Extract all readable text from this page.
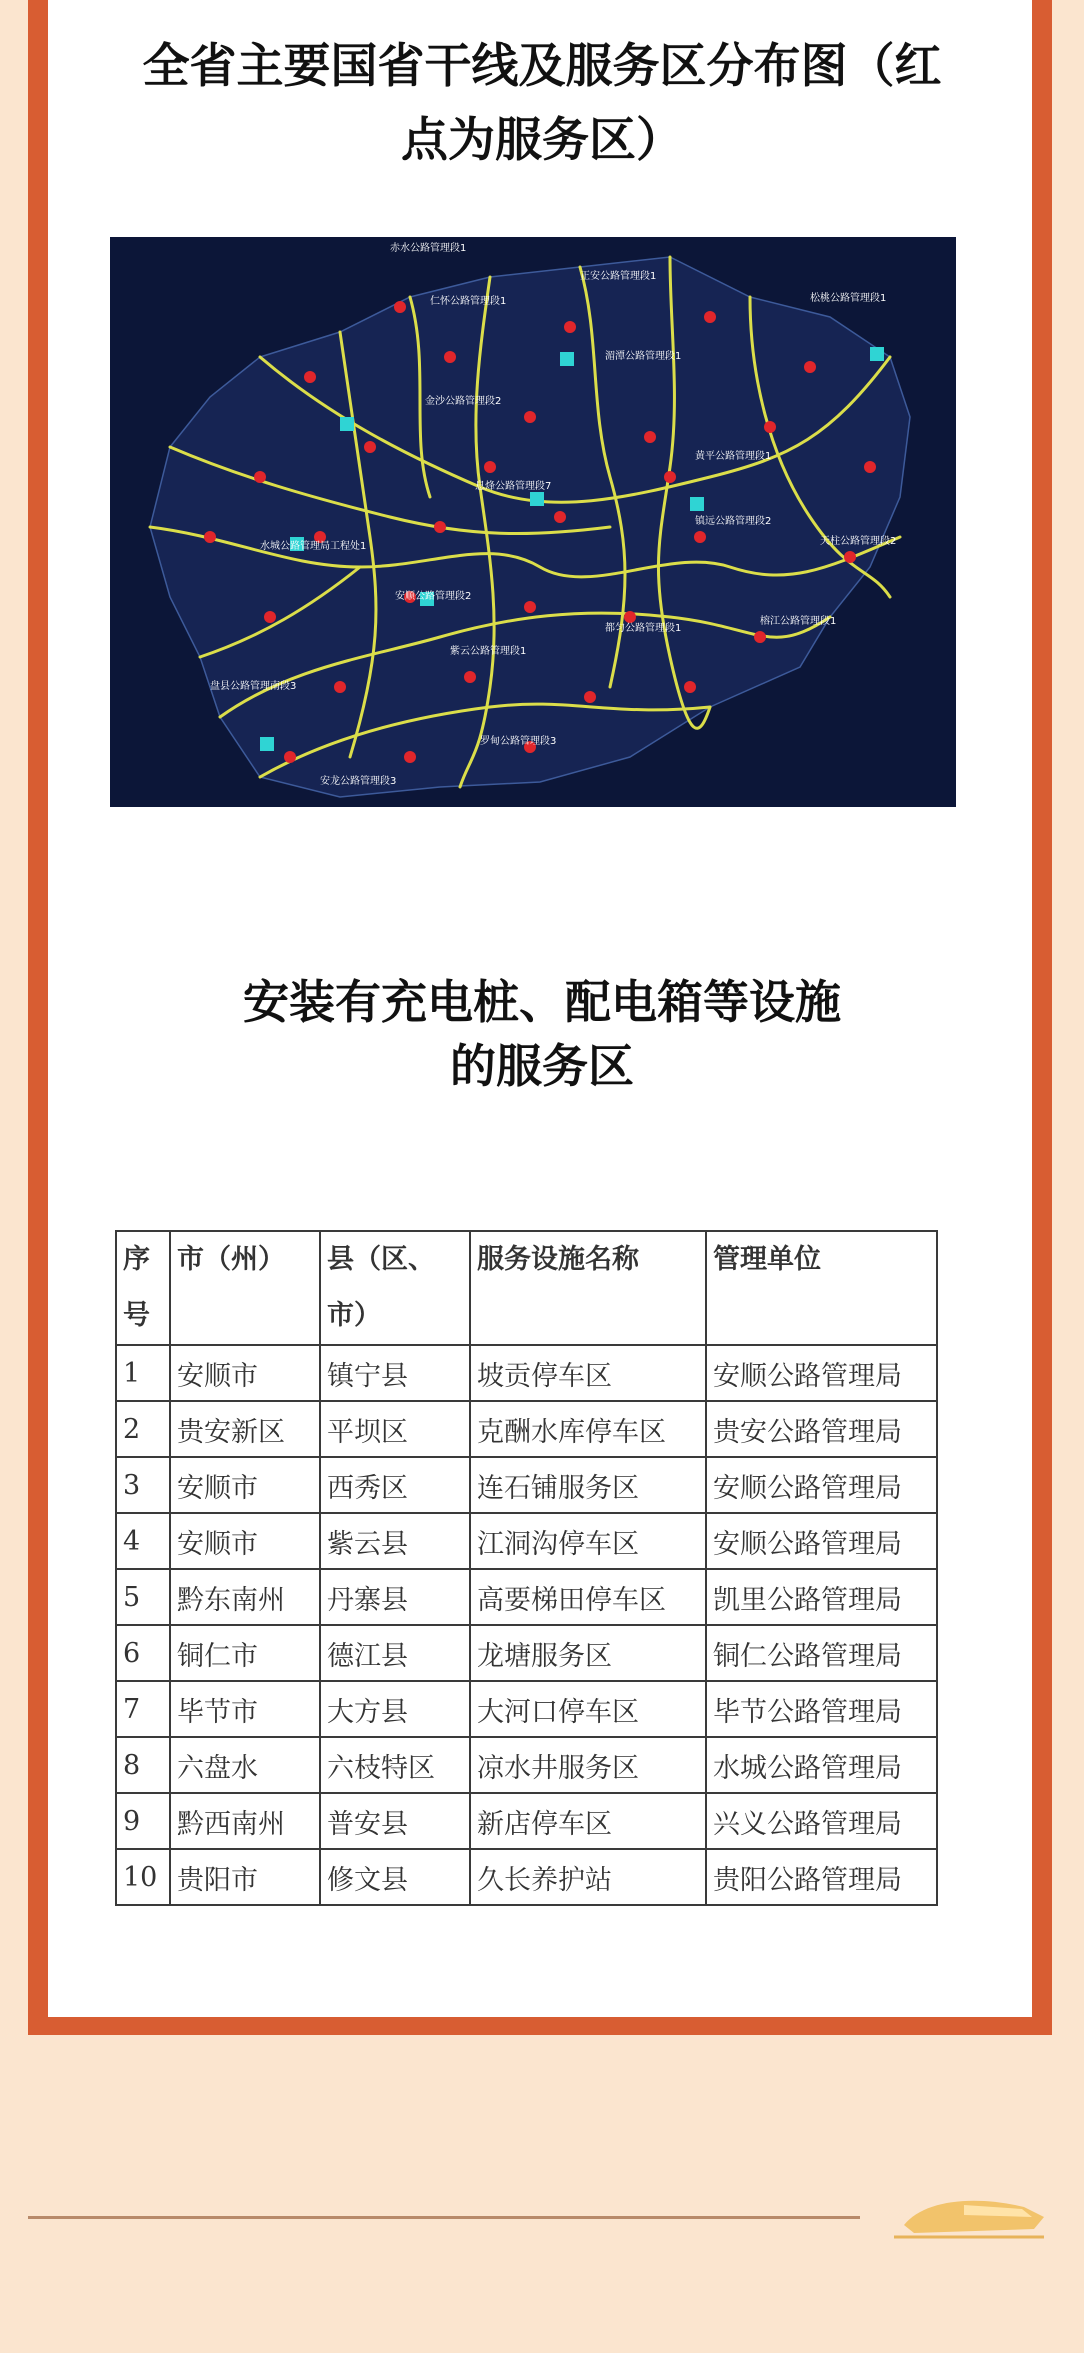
全省主要国省干线及服务区分布图（红
点为服务区）
赤水公路管理段1
仁怀公路管理段1
正安公路管理段1
松桃公路管理段1
湄潭公路管理段1
金沙公路管理段2
黄平公路管理段1
息烽公路管理段7
镇远公路管理段2
水城公路管理局工程处1	天柱公路管理段2
安顺公路管理段2
都匀公路管理段1
榕江公路管理段1
紫云公路管理段1
盘县公路管理南段3
罗甸公路管理段3
安龙公路管理段3
安装有充电桩、配电箱等设施
的服务区
序号	市（州）	县（区、市）	服务设施名称	管理单位
1	安顺市	镇宁县	坡贡停车区	安顺公路管理局
2	贵安新区	平坝区	克酬水库停车区	贵安公路管理局
3	安顺市	西秀区	连石铺服务区	安顺公路管理局
4	安顺市	紫云县	江洞沟停车区	安顺公路管理局
5	黔东南州	丹寨县	高要梯田停车区	凯里公路管理局
6	铜仁市	德江县	龙塘服务区	铜仁公路管理局
7	毕节市	大方县	大河口停车区	毕节公路管理局
8	六盘水	六枝特区	凉水井服务区	水城公路管理局
9	黔西南州	普安县	新店停车区	兴义公路管理局
10	贵阳市	修文县	久长养护站	贵阳公路管理局
